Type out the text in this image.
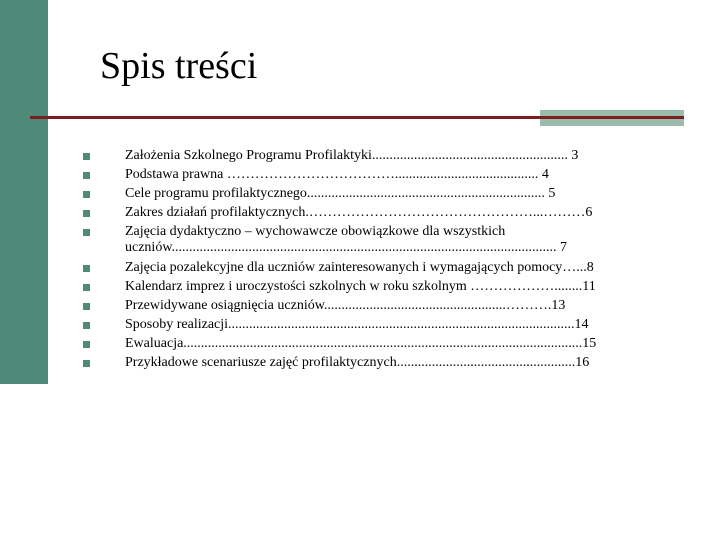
Spis treści
Założenia Szkolnego Programu Profilaktyki........................................................ 3
Podstawa prawna ………………………………......................................... 4
Cele programu profilaktycznego.................................................................... 5
Zakres działań profilaktycznych.…………………………………………...………6
Zajęcia dydaktyczno – wychowawcze obowiązkowe dla wszystkich
uczniów.............................................................................................................. 7
Zajęcia pozalekcyjne dla uczniów zainteresowanych i wymagających pomocy…...8
Kalendarz imprez i uroczystości szkolnych w roku szkolnym ………………........11
Przewidywane osiągnięcia uczniów....................................................……….13
Sposoby realizacji...................................................................................................14
Ewaluacja..................................................................................................................15
Przykładowe scenariusze zajęć profilaktycznych...................................................16
